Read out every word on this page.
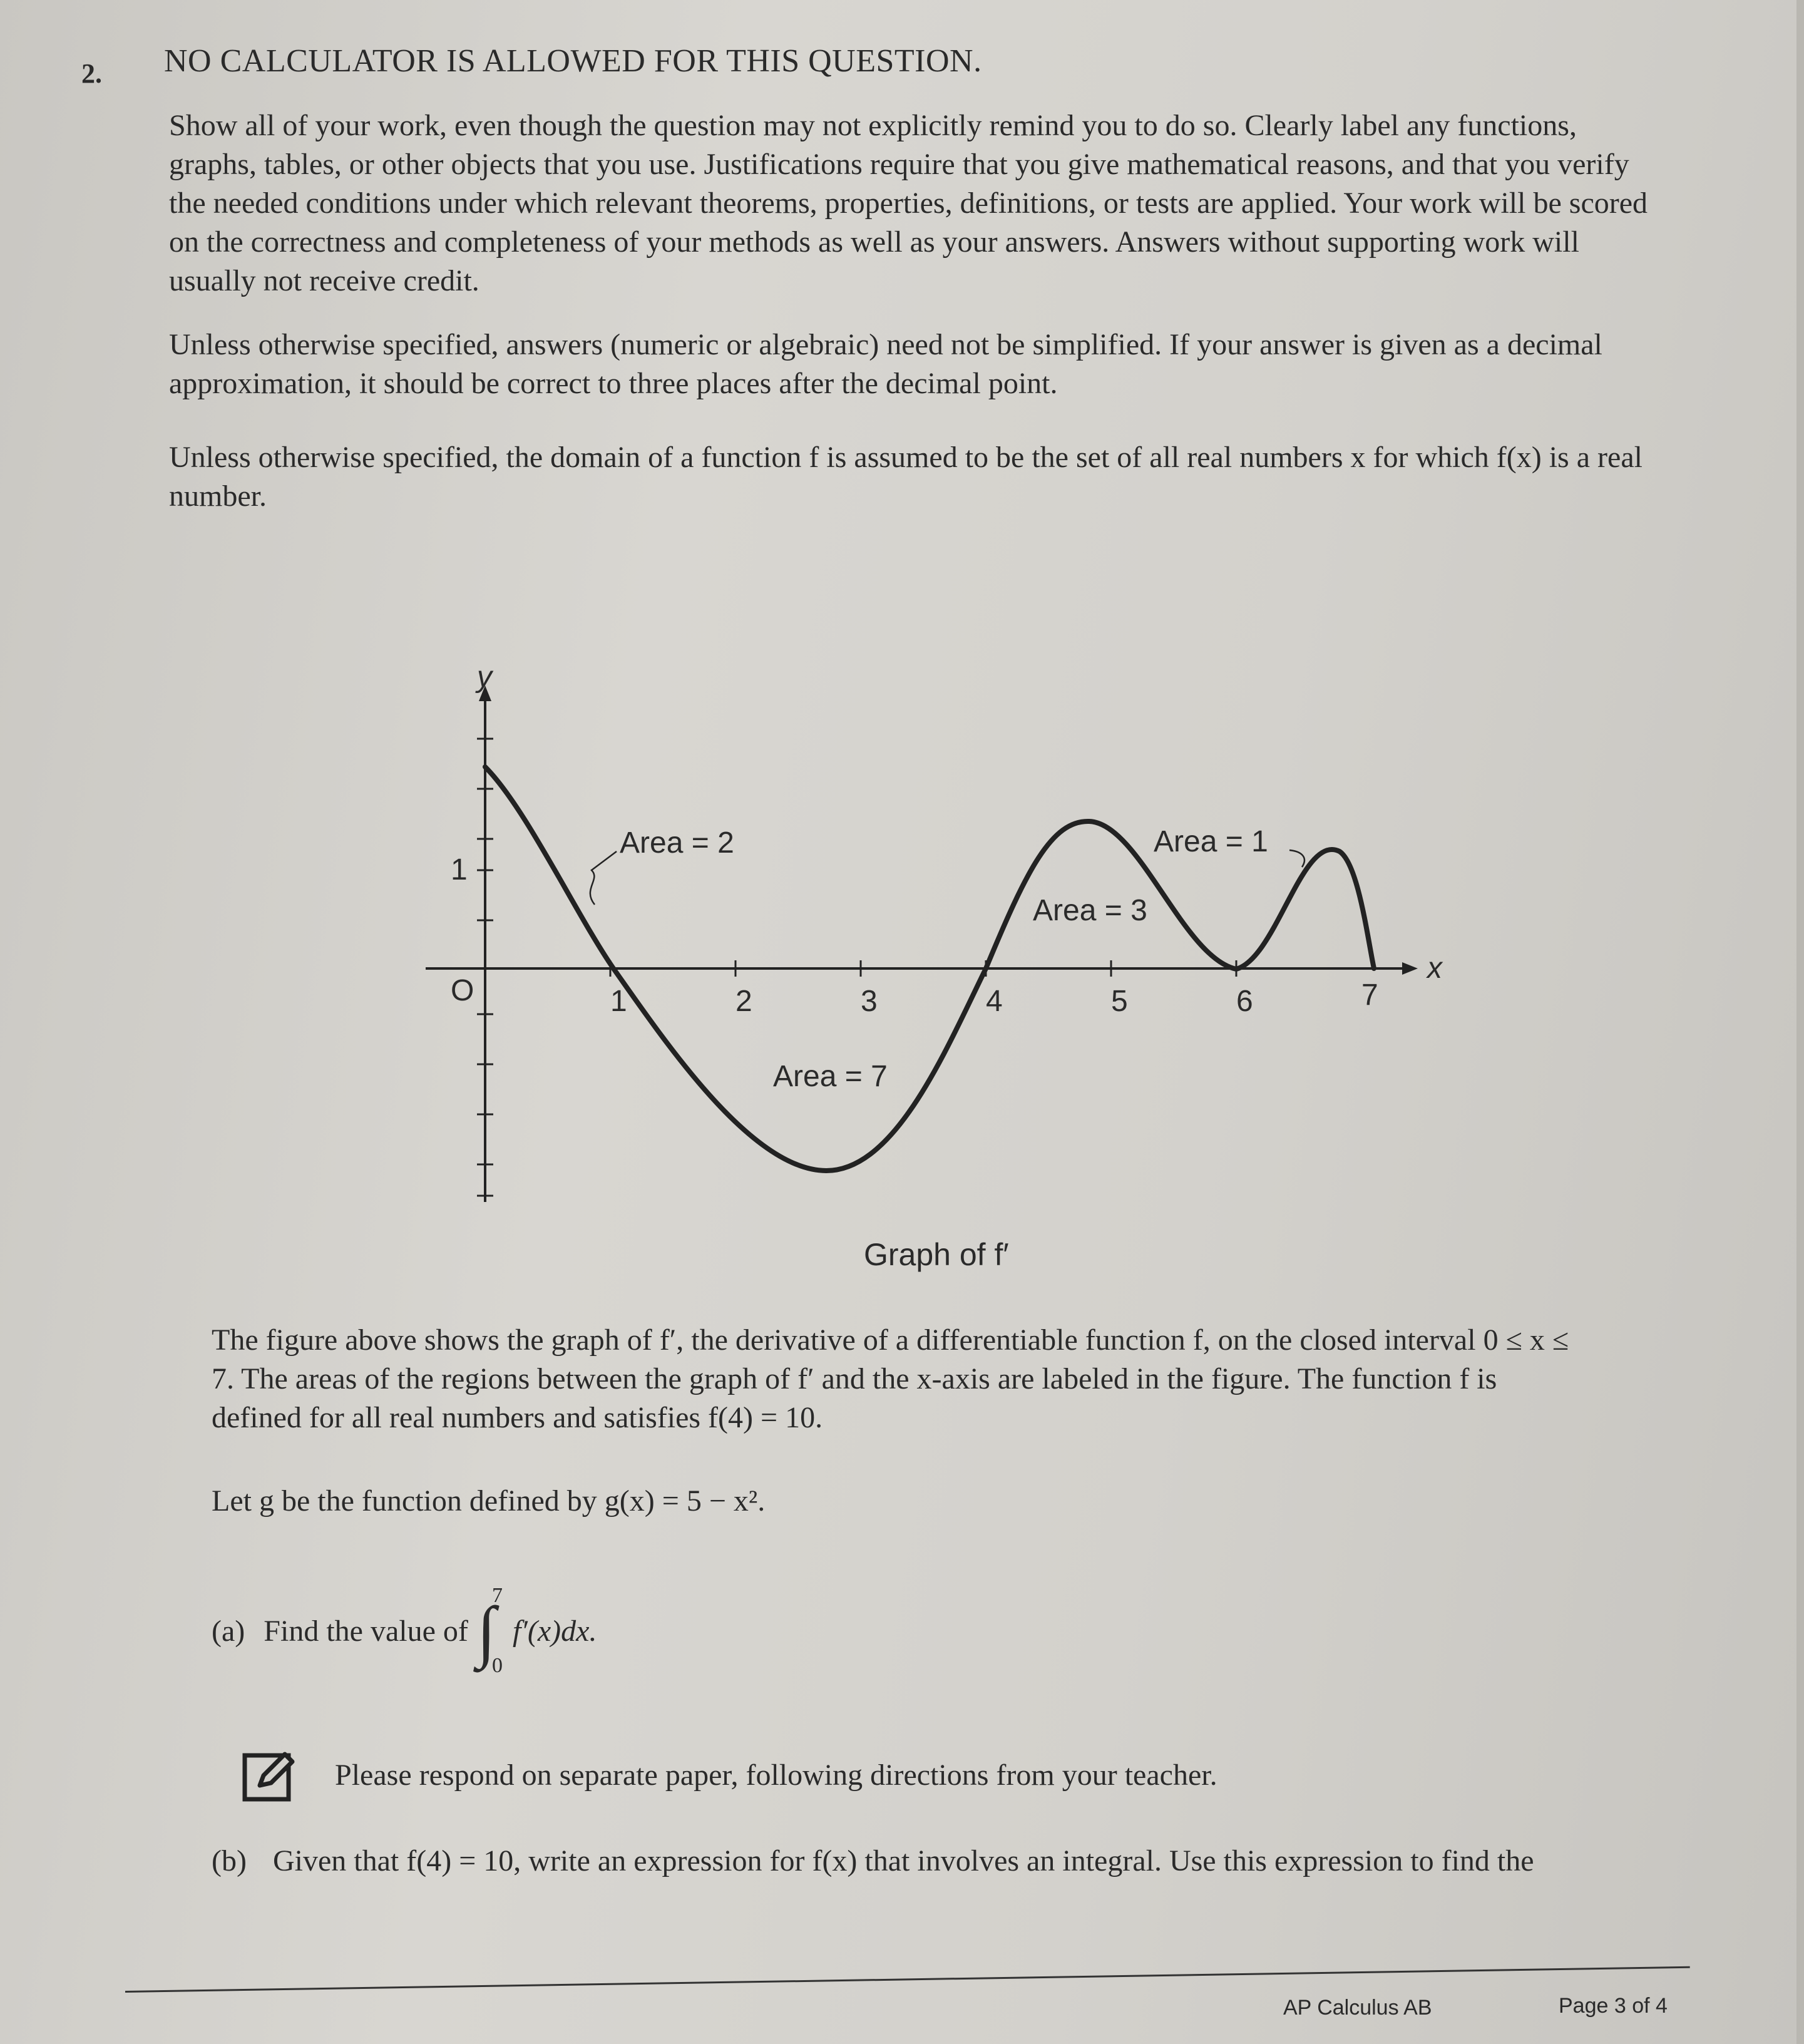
2. NO CALCULATOR IS ALLOWED FOR THIS QUESTION.
Show all of your work, even though the question may not explicitly remind you to do so. Clearly label any functions, graphs, tables, or other objects that you use. Justifications require that you give mathematical reasons, and that you verify the needed conditions under which relevant theorems, properties, definitions, or tests are applied. Your work will be scored on the correctness and completeness of your methods as well as your answers. Answers without supporting work will usually not receive credit.
Unless otherwise specified, answers (numeric or algebraic) need not be simplified. If your answer is given as a decimal approximation, it should be correct to three places after the decimal point.
Unless otherwise specified, the domain of a function f is assumed to be the set of all real numbers x for which f(x) is a real number.
y
x
1
O	1	2	3	4	5	6	7
Area = 2
Area = 7
Area = 3
Area = 1
Graph of f′
The figure above shows the graph of f′, the derivative of a differentiable function f, on the closed interval 0 ≤ x ≤ 7. The areas of the regions between the graph of f′ and the x-axis are labeled in the figure. The function f is defined for all real numbers and satisfies f(4) = 10.
Let g be the function defined by g(x) = 5 − x².
(a) Find the value of ∫
7
0
f′(x)dx.
Please respond on separate paper, following directions from your teacher.
(b) Given that f(4) = 10, write an expression for f(x) that involves an integral. Use this expression to find the
AP Calculus AB	Page 3 of 4
